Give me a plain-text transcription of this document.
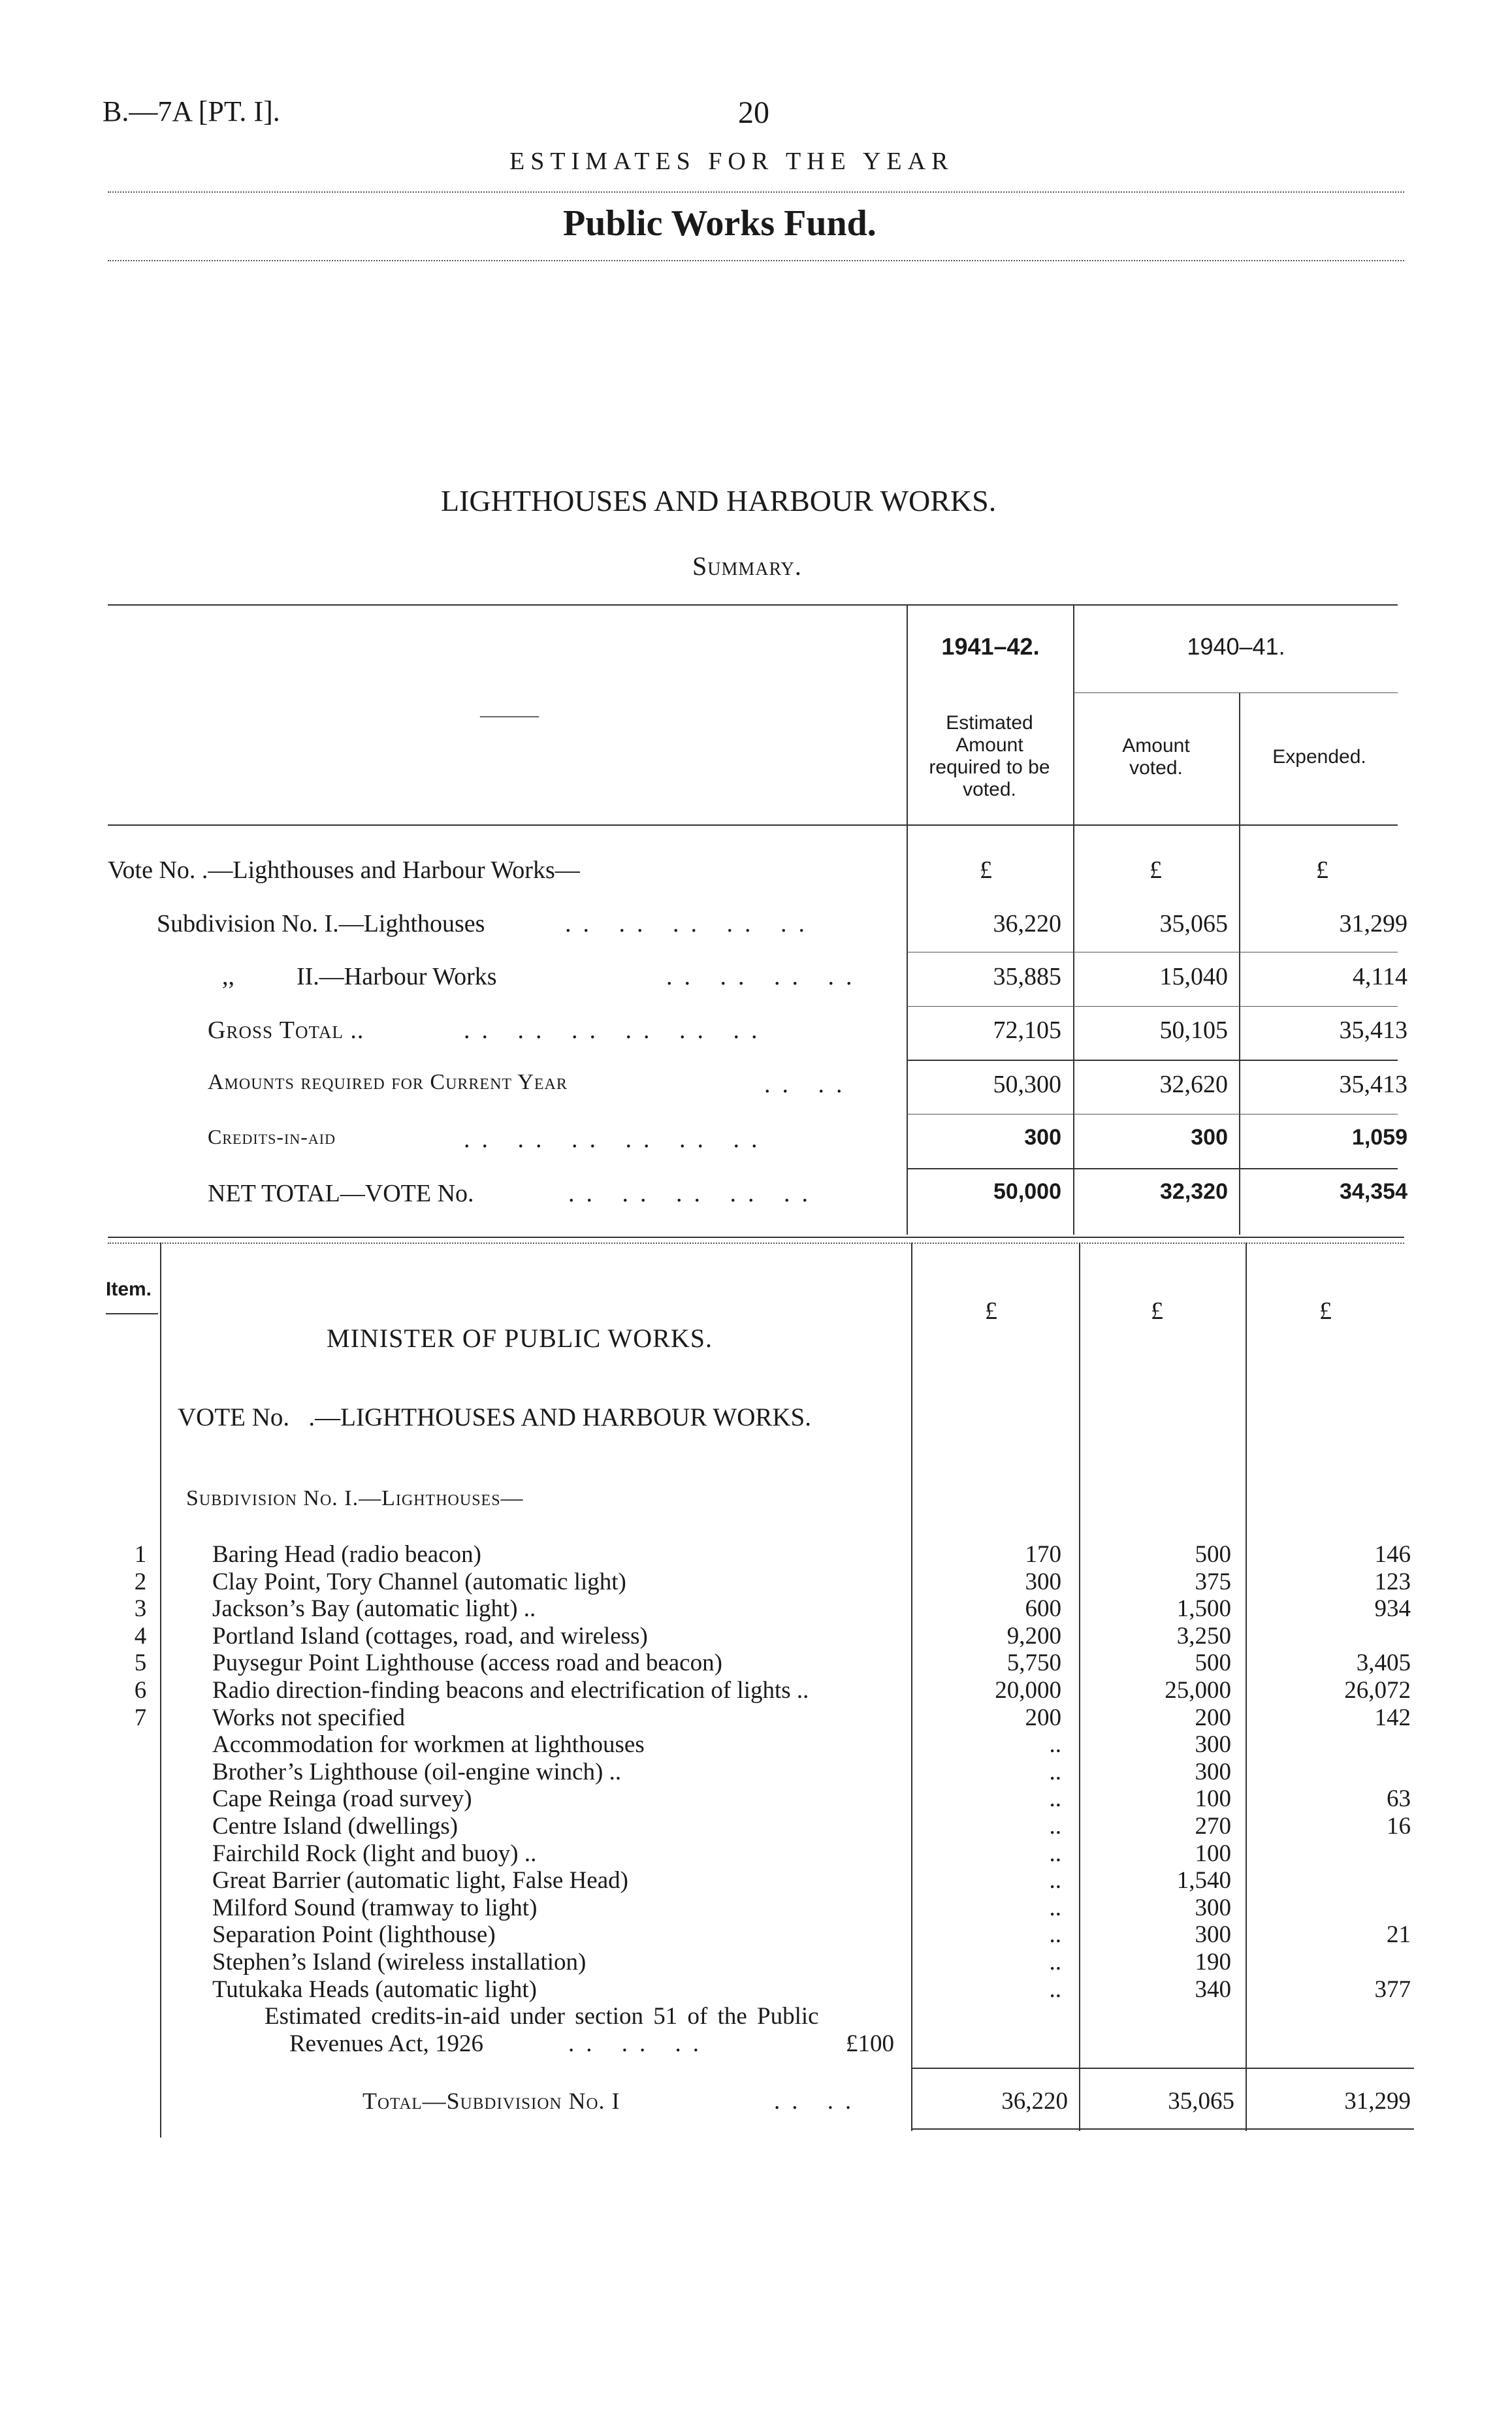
B.—7A [PT. I].	20
ESTIMATES FOR THE YEAR
Public Works Fund.
LIGHTHOUSES AND HARBOUR WORKS.
Summary.
———
1941–42.	1940–41.
Estimated Amount required to be voted.
Amount voted.
Expended.
Vote No. .—Lighthouses and Harbour Works—	£	£	£
Subdivision No. I.—Lighthouses	.. .. .. .. ..	36,220	35,065	31,299
,,          II.—Harbour Works	.. .. .. ..	35,885	15,040	4,114
Gross Total ..	.. .. .. .. .. ..	72,105	50,105	35,413
Amounts required for Current Year	.. ..	50,300	32,620	35,413
Credits-in-aid	.. .. .. .. .. ..	300	300	1,059
NET TOTAL—VOTE No.	.. .. .. .. ..	50,000	32,320	34,354
Item.
£	£	£
MINISTER OF PUBLIC WORKS.
VOTE No.   .—LIGHTHOUSES AND HARBOUR WORKS.
Subdivision No. I.—Lighthouses—
1	Baring Head (radio beacon)	170	500	146
2	Clay Point, Tory Channel (automatic light)	300	375	123
3	Jackson’s Bay (automatic light) ..	600	1,500	934
4	Portland Island (cottages, road, and wireless)	9,200	3,250
5	Puysegur Point Lighthouse (access road and beacon)	5,750	500	3,405
6	Radio direction-finding beacons and electrification of lights ..	20,000	25,000	26,072
7	Works not specified	200	200	142
Accommodation for workmen at lighthouses	..	300
Brother’s Lighthouse (oil-engine winch) ..	..	300
Cape Reinga (road survey)	..	100	63
Centre Island (dwellings)	..	270	16
Fairchild Rock (light and buoy) ..	..	100
Great Barrier (automatic light, False Head)	..	1,540
Milford Sound (tramway to light)	..	300
Separation Point (lighthouse)	..	300	21
Stephen’s Island (wireless installation)	..	190
Tutukaka Heads (automatic light)	..	340	377
Estimated credits-in-aid under section 51 of the Public
Revenues Act, 1926	.. .. ..	£100
Total—Subdivision No. I	.. ..	36,220	35,065	31,299
